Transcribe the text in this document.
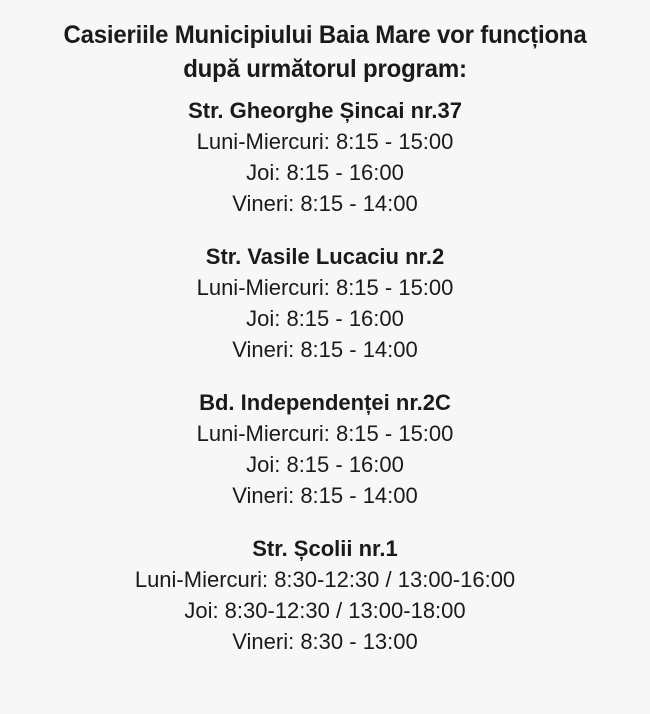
Casieriile Municipiului Baia Mare vor funcționa
după următorul program:

Str. Gheorghe Șincai nr.37

Luni-Miercuri: 8:15 - 15:00

Joi: 8:15 - 16:00

Vineri: 8:15 - 14:00

Str. Vasile Lucaciu nr.2

Luni-Miercuri: 8:15 - 15:00

Joi: 8:15 - 16:00

Vineri: 8:15 - 14:00

Bd. Independenței nr.2C

Luni-Miercuri: 8:15 - 15:00

Joi: 8:15 - 16:00

Vineri: 8:15 - 14:00

Str. Școlii nr.1

Luni-Miercuri: 8:30-12:30 / 13:00-16:00

Joi: 8:30-12:30 / 13:00-18:00

Vineri: 8:30 - 13:00
